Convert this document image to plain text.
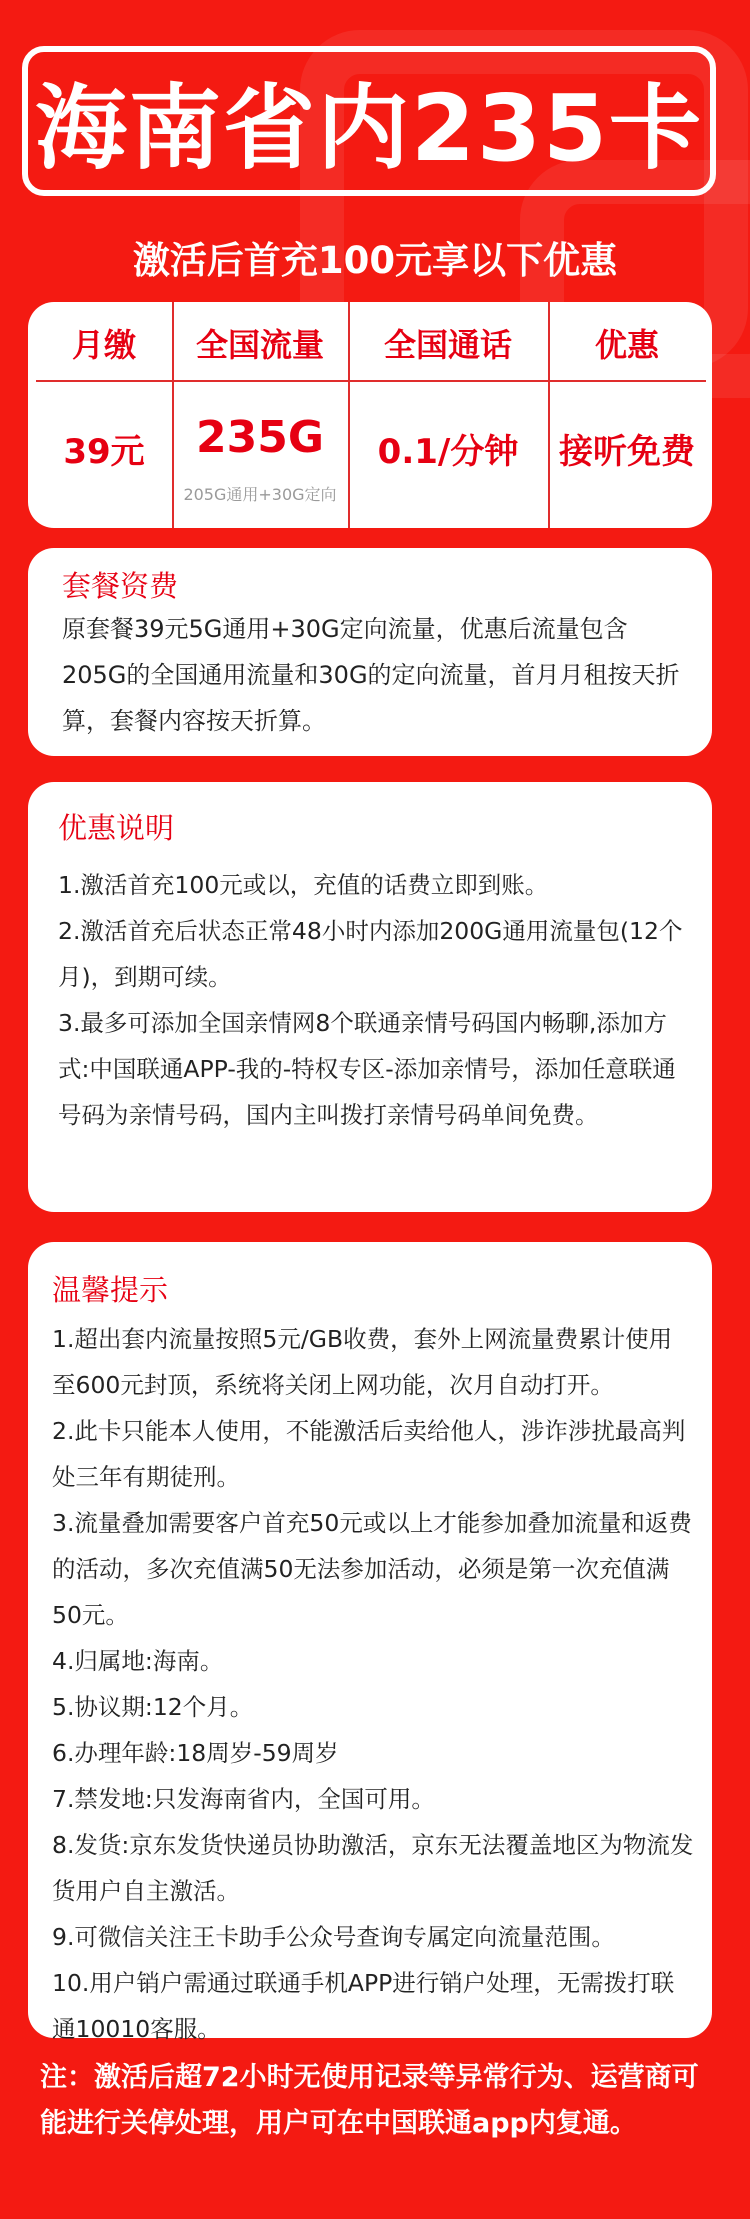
海南省内235卡
激活后首充100元享以下优惠
月缴
39元
全国流量
235G
205G通用+30G定向
全国通话
0.1/分钟
优惠
接听免费
套餐资费
原套餐39元5G通用+30G定向流量，优惠后流量包含205G的全国通用流量和30G的定向流量，首月月租按天折算，套餐内容按天折算。
优惠说明
1.激活首充100元或以，充值的话费立即到账。
2.激活首充后状态正常48小时内添加200G通用流量包(12个月)，到期可续。
3.最多可添加全国亲情网8个联通亲情号码国内畅聊,添加方式:中国联通APP-我的-特权专区-添加亲情号，添加任意联通号码为亲情号码，国内主叫拨打亲情号码单间免费。
温馨提示
1.超出套内流量按照5元/GB收费，套外上网流量费累计使用至600元封顶，系统将关闭上网功能，次月自动打开。
2.此卡只能本人使用，不能激活后卖给他人，涉诈涉扰最高判处三年有期徒刑。
3.流量叠加需要客户首充50元或以上才能参加叠加流量和返费的活动，多次充值满50无法参加活动，必须是第一次充值满50元。
4.归属地:海南。
5.协议期:12个月。
6.办理年龄:18周岁-59周岁
7.禁发地:只发海南省内，全国可用。
8.发货:京东发货快递员协助激活，京东无法覆盖地区为物流发货用户自主激活。
9.可微信关注王卡助手公众号查询专属定向流量范围。
10.用户销户需通过联通手机APP进行销户处理，无需拨打联通10010客服。
注：激活后超72小时无使用记录等异常行为、运营商可能进行关停处理，用户可在中国联通app内复通。
